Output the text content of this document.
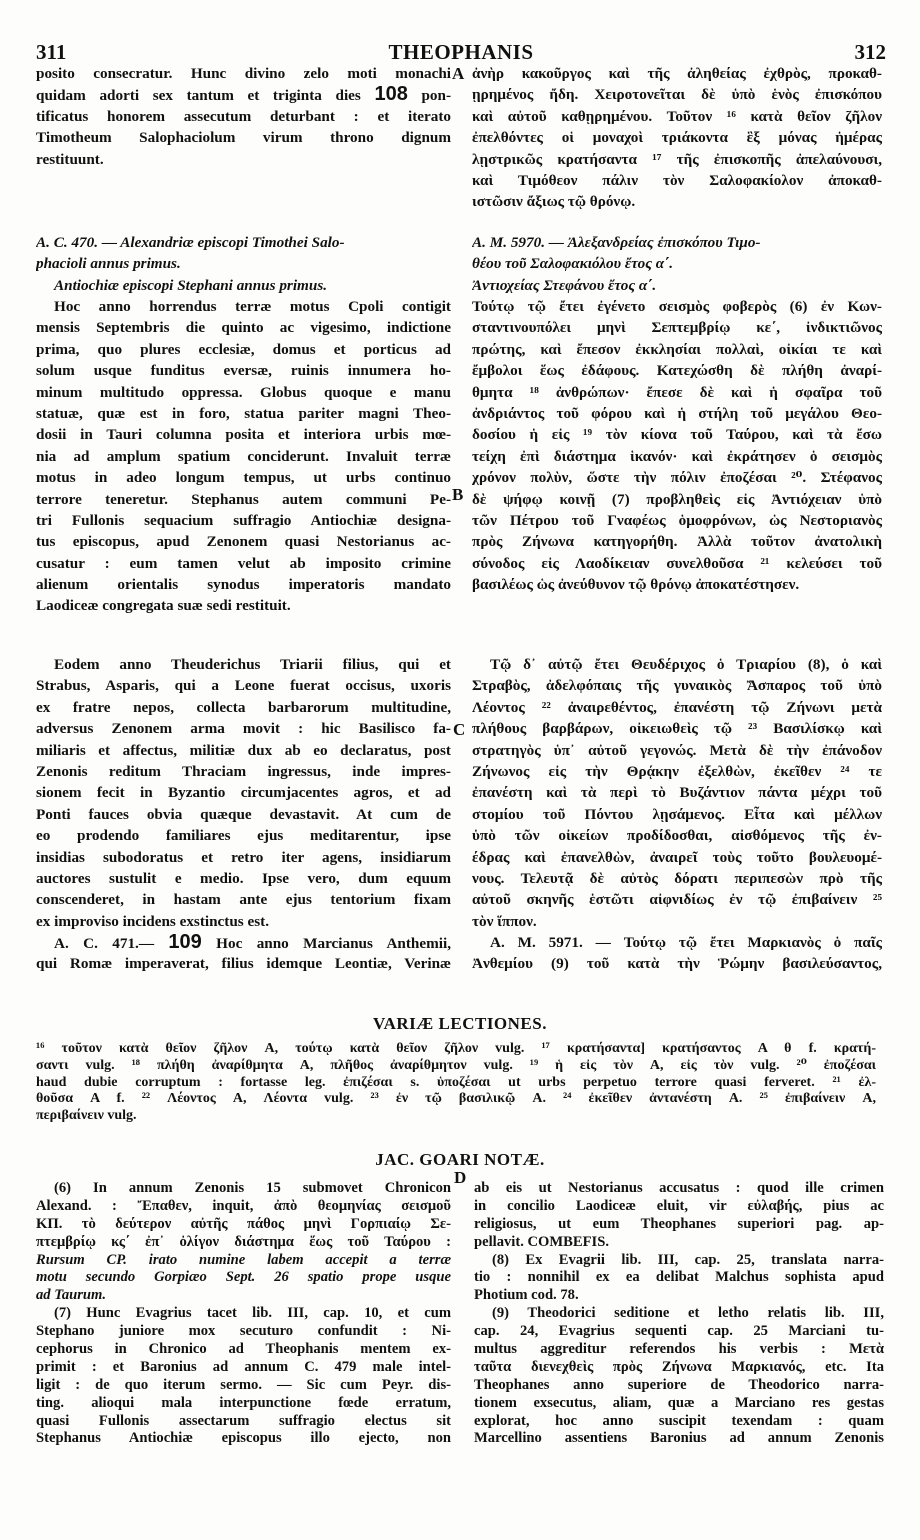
311	THEOPHANIS	312
A
B
C
D
posito consecratur. Hunc divino zelo moti monachi
quidam adorti sex tantum et triginta dies 108 pon-
tificatus honorem assecutum deturbant : et iterato
Timotheum Salophaciolum virum throno dignum
restituunt.
A. C. 470. — Alexandriæ episcopi Timothei Salo-
phacioli annus primus.
Antiochiæ episcopi Stephani annus primus.
Hoc anno horrendus terræ motus Cpoli contigit
mensis Septembris die quinto ac vigesimo, indictione
prima, quo plures ecclesiæ, domus et porticus ad
solum usque funditus eversæ, ruinis innumera ho-
minum multitudo oppressa. Globus quoque e manu
statuæ, quæ est in foro, statua pariter magni Theo-
dosii in Tauri columna posita et interiora urbis mœ-
nia ad amplum spatium conciderunt. Invaluit terræ
motus in adeo longum tempus, ut urbs continuo
terrore teneretur. Stephanus autem communi Pe-
tri Fullonis sequacium suffragio Antiochiæ designa-
tus episcopus, apud Zenonem quasi Nestorianus ac-
cusatur : eum tamen velut ab imposito crimine
alienum orientalis synodus imperatoris mandato
Laodiceæ congregata suæ sedi restituit.
Eodem anno Theuderichus Triarii filius, qui et
Strabus, Asparis, qui a Leone fuerat occisus, uxoris
ex fratre nepos, collecta barbarorum multitudine,
adversus Zenonem arma movit : hic Basilisco fa-
miliaris et affectus, militiæ dux ab eo declaratus, post
Zenonis reditum Thraciam ingressus, inde impres-
sionem fecit in Byzantio circumjacentes agros, et ad
Ponti fauces obvia quæque devastavit. At cum de
eo prodendo familiares ejus meditarentur, ipse
insidias subodoratus et retro iter agens, insidiarum
auctores sustulit e medio. Ipse vero, dum equum
conscenderet, in hastam ante ejus tentorium fixam
ex improviso incidens exstinctus est.
A. C. 471.— 109 Hoc anno Marcianus Anthemii,
qui Romæ imperaverat, filius idemque Leontiæ, Verinæ
ἀνὴρ κακοῦργος καὶ τῆς ἀληθείας ἐχθρὸς, προκαθ-
ῃρημένος ἤδη. Χειροτονεῖται δὲ ὑπὸ ἑνὸς ἐπισκόπου
καὶ αὐτοῦ καθῃρημένου. Τοῦτον ¹⁶ κατὰ θεῖον ζῆλον
ἐπελθόντες οἱ μοναχοὶ τριάκοντα ἓξ μόνας ἡμέρας
λῃστρικῶς κρατήσαντα ¹⁷ τῆς ἐπισκοπῆς ἀπελαύνουσι,
καὶ Τιμόθεον πάλιν τὸν Σαλοφακίολον ἀποκαθ-
ιστῶσιν ἄξιως τῷ θρόνῳ.
A. M. 5970. — Ἀλεξανδρείας ἐπισκόπου Τιμο-
θέου τοῦ Σαλοφακιόλου ἔτος α΄.
Ἀντιοχείας Στεφάνου ἔτος α΄.
Τούτῳ τῷ ἔτει ἐγένετο σεισμὸς φοβερὸς (6) ἐν Κων-
σταντινουπόλει μηνὶ Σεπτεμβρίῳ κε΄, ἰνδικτιῶνος
πρώτης, καὶ ἔπεσον ἐκκλησίαι πολλαὶ, οἰκίαι τε καὶ
ἔμβολοι ἕως ἐδάφους. Κατεχώσθη δὲ πλήθη ἀναρί-
θμητα ¹⁸ ἀνθρώπων· ἔπεσε δὲ καὶ ἡ σφαῖρα τοῦ
ἀνδριάντος τοῦ φόρου καὶ ἡ στήλη τοῦ μεγάλου Θεο-
δοσίου ἡ εἰς ¹⁹ τὸν κίονα τοῦ Ταύρου, καὶ τὰ ἔσω
τείχη ἐπὶ διάστημα ἱκανόν· καὶ ἐκράτησεν ὁ σεισμὸς
χρόνον πολὺν, ὥστε τὴν πόλιν ἐποζέσαι ²⁰. Στέφανος
δὲ ψήφῳ κοινῇ (7) προβληθεὶς εἰς Ἀντιόχειαν ὑπὸ
τῶν Πέτρου τοῦ Γναφέως ὁμοφρόνων, ὡς Νεστοριανὸς
πρὸς Ζήνωνα κατηγορήθη. Ἀλλὰ τοῦτον ἀνατολικὴ
σύνοδος εἰς Λαοδίκειαν συνελθοῦσα ²¹ κελεύσει τοῦ
βασιλέως ὡς ἀνεύθυνον τῷ θρόνῳ ἀποκατέστησεν.
Τῷ δ᾽ αὐτῷ ἔτει Θευδέριχος ὁ Τριαρίου (8), ὁ καὶ
Στραβὸς, ἀδελφόπαις τῆς γυναικὸς Ἄσπαρος τοῦ ὑπὸ
Λέοντος ²² ἀναιρεθέντος, ἐπανέστη τῷ Ζήνωνι μετὰ
πλήθους βαρβάρων, οἰκειωθεὶς τῷ ²³ Βασιλίσκῳ καὶ
στρατηγὸς ὑπ᾽ αὐτοῦ γεγονώς. Μετὰ δὲ τὴν ἐπάνοδον
Ζήνωνος εἰς τὴν Θρᾴκην ἐξελθὼν, ἐκεῖθεν ²⁴ τε
ἐπανέστη καὶ τὰ περὶ τὸ Βυζάντιον πάντα μέχρι τοῦ
στομίου τοῦ Πόντου λῃσάμενος. Εἶτα καὶ μέλλων
ὑπὸ τῶν οἰκείων προδίδοσθαι, αἰσθόμενος τῆς ἐν-
έδρας καὶ ἐπανελθὼν, ἀναιρεῖ τοὺς τοῦτο βουλευομέ-
νους. Τελευτᾷ δὲ αὐτὸς δόρατι περιπεσὼν πρὸ τῆς
αὐτοῦ σκηνῆς ἑστῶτι αἰφνιδίως ἐν τῷ ἐπιβαίνειν ²⁵
τὸν ἵππον.
A. M. 5971. — Τούτῳ τῷ ἔτει Μαρκιανὸς ὁ παῖς
Ἀνθεμίου (9) τοῦ κατὰ τὴν Ῥώμην βασιλεύσαντος,
VARIÆ LECTIONES.
¹⁶ τοῦτον κατὰ θεῖον ζῆλον A, τούτῳ κατὰ θεῖον ζῆλον vulg. ¹⁷ κρατήσαντα] κρατήσαντος A θ f. κρατή-
σαντι vulg. ¹⁸ πλήθη ἀναρίθμητα A, πλῆθος ἀναρίθμητον vulg. ¹⁹ ἡ εἰς τὸν A, εἰς τὸν vulg. ²⁰ ἐποζέσαι
haud dubie corruptum : fortasse leg. ἐπιζέσαι s. ὑποζέσαι ut urbs perpetuo terrore quasi ferveret. ²¹ ἐλ-
θοῦσα A f. ²² Λέοντος A, Λέοντα vulg. ²³ ἐν τῷ βασιλικῷ A. ²⁴ ἐκεῖθεν ἀντανέστη A. ²⁵ ἐπιβαίνειν A,
περιβαίνειν vulg.
JAC. GOARI NOTÆ.
(6) In annum Zenonis 15 submovet Chronicon
Alexand. : Ἔπαθεν, inquit, ἀπὸ θεομηνίας σεισμοῦ
ΚΠ. τὸ δεύτερον αὐτῆς πάθος μηνὶ Γορπιαίῳ Σε-
πτεμβρίῳ κς΄ ἐπ᾽ ὀλίγον διάστημα ἕως τοῦ Ταύρου :
Rursum CP. irato numine labem accepit a terræ
motu secundo Gorpiæo Sept. 26 spatio prope usque
ad Taurum.
(7) Hunc Evagrius tacet lib. III, cap. 10, et cum
Stephano juniore mox secuturo confundit : Ni-
cephorus in Chronico ad Theophanis mentem ex-
primit : et Baronius ad annum C. 479 male intel-
ligit : de quo iterum sermo. — Sic cum Peyr. dis-
ting. alioqui mala interpunctione fœde erratum,
quasi Fullonis assectarum suffragio electus sit
Stephanus Antiochiæ episcopus illo ejecto, non
ab eis ut Nestorianus accusatus : quod ille crimen
in concilio Laodiceæ eluit, vir εὐλαβής, pius ac
religiosus, ut eum Theophanes superiori pag. ap-
pellavit. COMBEFIS.
(8) Ex Evagrii lib. III, cap. 25, translata narra-
tio : nonnihil ex ea delibat Malchus sophista apud
Photium cod. 78.
(9) Theodorici seditione et letho relatis lib. III,
cap. 24, Evagrius sequenti cap. 25 Marciani tu-
multus aggreditur referendos his verbis : Μετὰ
ταῦτα διενεχθεὶς πρὸς Ζήνωνα Μαρκιανός, etc. Ita
Theophanes anno superiore de Theodorico narra-
tionem exsecutus, aliam, quæ a Marciano res gestas
explorat, hoc anno suscipit texendam : quam
Marcellino assentiens Baronius ad annum Zenonis
